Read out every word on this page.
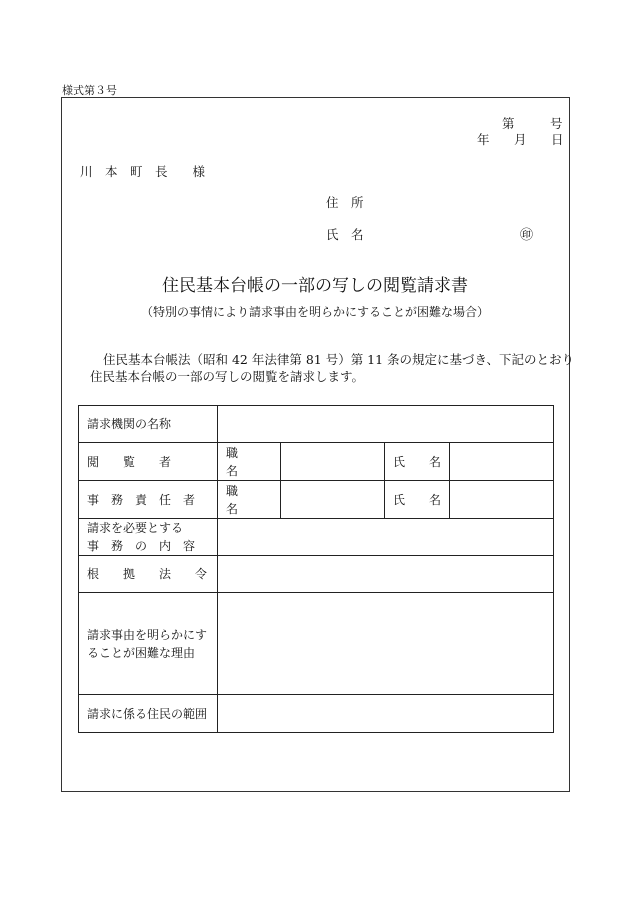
様式第３号
第	号
年 月 日
川　本　町　長　　様
住　所
氏　名	㊞
住民基本台帳の一部の写しの閲覧請求書
（特別の事情により請求事由を明らかにすることが困難な場合）
住民基本台帳法（昭和 42 年法律第 81 号）第 11 条の規定に基づき、下記のとおり
住民基本台帳の一部の写しの閲覧を請求します。
請求機関の名称				
閲　　覧　　者	職　　名		氏　　名	
事　務　責　任　者	職　　名		氏　　名	

請求を必要とする
事　務　の　内　容				

根　　拠　　法　　令				

請求事由を明らかにす
ることが困難な理由				

請求に係る住民の範囲				
